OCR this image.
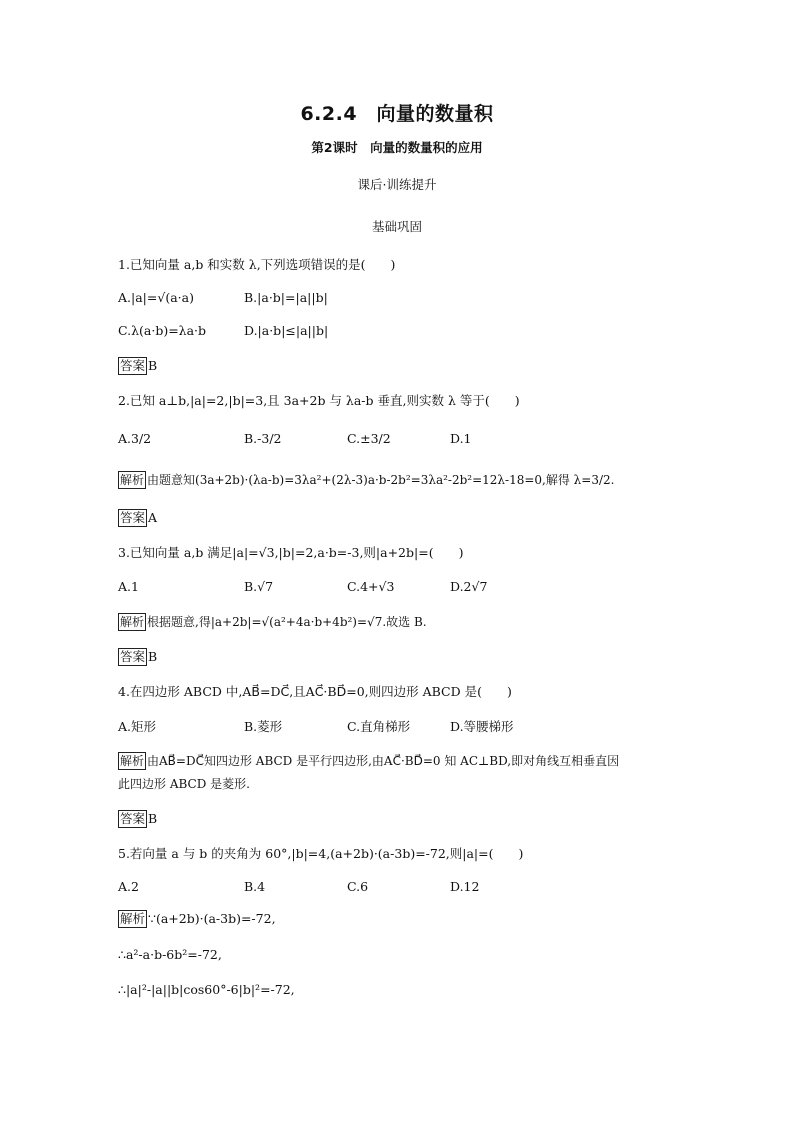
6.2.4　向量的数量积
第2课时　向量的数量积的应用
课后·训练提升
基础巩固
1.已知向量 a,b 和实数 λ,下列选项错误的是(　　)
A.|a|=√(a·a)	B.|a·b|=|a||b|
C.λ(a·b)=λa·b	D.|a·b|≤|a||b|
答案 B
2.已知 a⊥b,|a|=2,|b|=3,且 3a+2b 与 λa-b 垂直,则实数 λ 等于(　　)
A.3/2	B.-3/2	C.±3/2	D.1
解析 由题意知(3a+2b)·(λa-b)=3λa²+(2λ-3)a·b-2b²=3λa²-2b²=12λ-18=0,解得 λ=3/2.
答案 A
3.已知向量 a,b 满足|a|=√3,|b|=2,a·b=-3,则|a+2b|=(　　)
A.1	B.√7	C.4+√3	D.2√7
解析 根据题意,得|a+2b|=√(a²+4a·b+4b²)=√7.故选 B.
答案 B
4.在四边形 ABCD 中,AB⃗=DC⃗,且AC⃗·BD⃗=0,则四边形 ABCD 是(　　)
A.矩形	B.菱形	C.直角梯形	D.等腰梯形
解析 由AB⃗=DC⃗知四边形 ABCD 是平行四边形,由AC⃗·BD⃗=0 知 AC⊥BD,即对角线互相垂直因
此四边形 ABCD 是菱形.
答案 B
5.若向量 a 与 b 的夹角为 60°,|b|=4,(a+2b)·(a-3b)=-72,则|a|=(　　)
A.2	B.4	C.6	D.12
解析 ∵(a+2b)·(a-3b)=-72,
∴a²-a·b-6b²=-72,
∴|a|²-|a||b|cos60°-6|b|²=-72,
